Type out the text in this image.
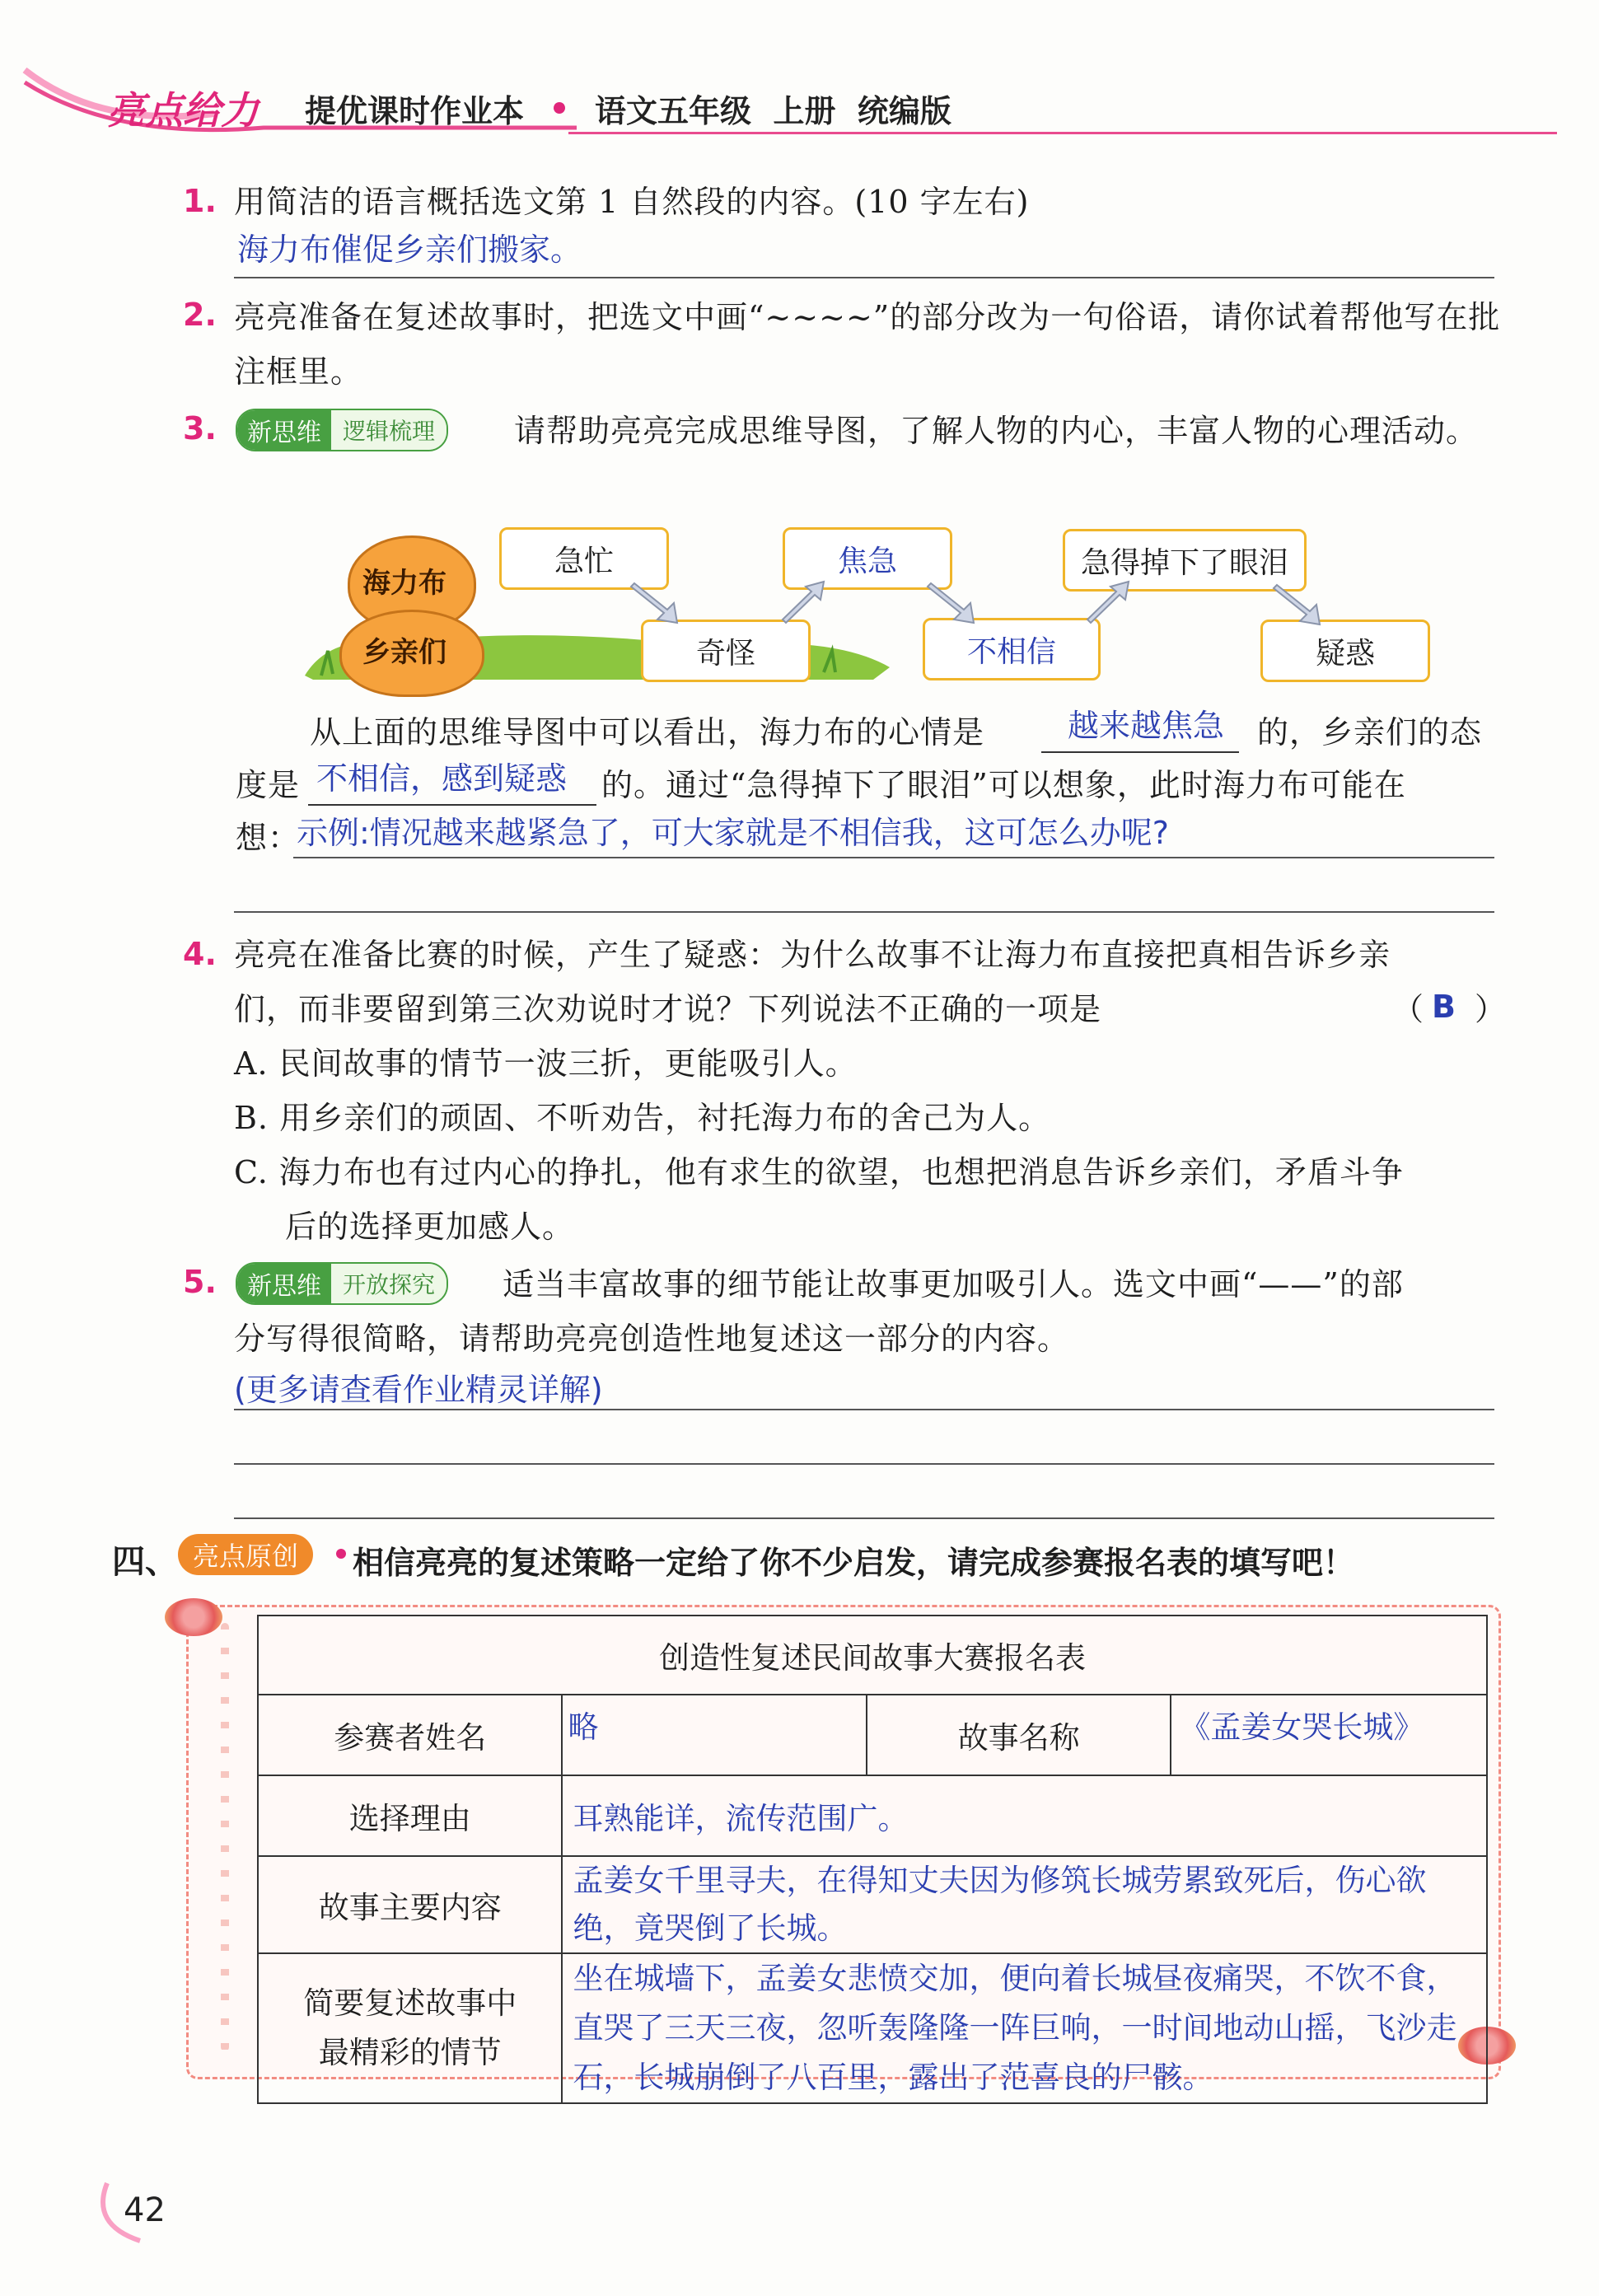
亮点给力 提优课时作业本 语文五年级  上册  统编版
1. 用简洁的语言概括选文第 1 自然段的内容。(10 字左右)
海力布催促乡亲们搬家。
2. 亮亮准备在复述故事时，把选文中画“~~~~”的部分改为一句俗语，请你试着帮他写在批注框里。
3.	新思维 逻辑梳理	请帮助亮亮完成思维导图，了解人物的内心，丰富人物的心理活动。
海力布
乡亲们
急忙	焦急	急得掉下了眼泪
奇怪	不相信	疑惑
从上面的思维导图中可以看出，海力布的心情是	越来越焦急 的，乡亲们的态
度是 不相信，感到疑惑 的。通过“急得掉下了眼泪”可以想象，此时海力布可能在
想：
示例:情况越来越紧急了，可大家就是不相信我，这可怎么办呢?
4. 亮亮在准备比赛的时候，产生了疑惑：为什么故事不让海力布直接把真相告诉乡亲
们，而非要留到第三次劝说时才说？下列说法不正确的一项是	（ B ）
A. 民间故事的情节一波三折，更能吸引人。
B. 用乡亲们的顽固、不听劝告，衬托海力布的舍己为人。
C. 海力布也有过内心的挣扎，他有求生的欲望，也想把消息告诉乡亲们，矛盾斗争
后的选择更加感人。
5.	新思维 开放探究	适当丰富故事的细节能让故事更加吸引人。选文中画“——”的部
分写得很简略，请帮助亮亮创造性地复述这一部分的内容。
(更多请查看作业精灵详解)
四、 亮点原创	相信亮亮的复述策略一定给了你不少启发，请完成参赛报名表的填写吧！
创造性复述民间故事大赛报名表			
参赛者姓名	略	故事名称	《孟姜女哭长城》
选择理由	耳熟能详，流传范围广。		
故事主要内容	孟姜女千里寻夫，在得知丈夫因为修筑长城劳累致死后，伤心欲绝，竟哭倒了长城。		

简要复述故事中
最精彩的情节	坐在城墙下，孟姜女悲愤交加，便向着长城昼夜痛哭，不饮不食，直哭了三天三夜，忽听轰隆隆一阵巨响，一时间地动山摇，飞沙走石，长城崩倒了八百里，露出了范喜良的尸骸。		
42
